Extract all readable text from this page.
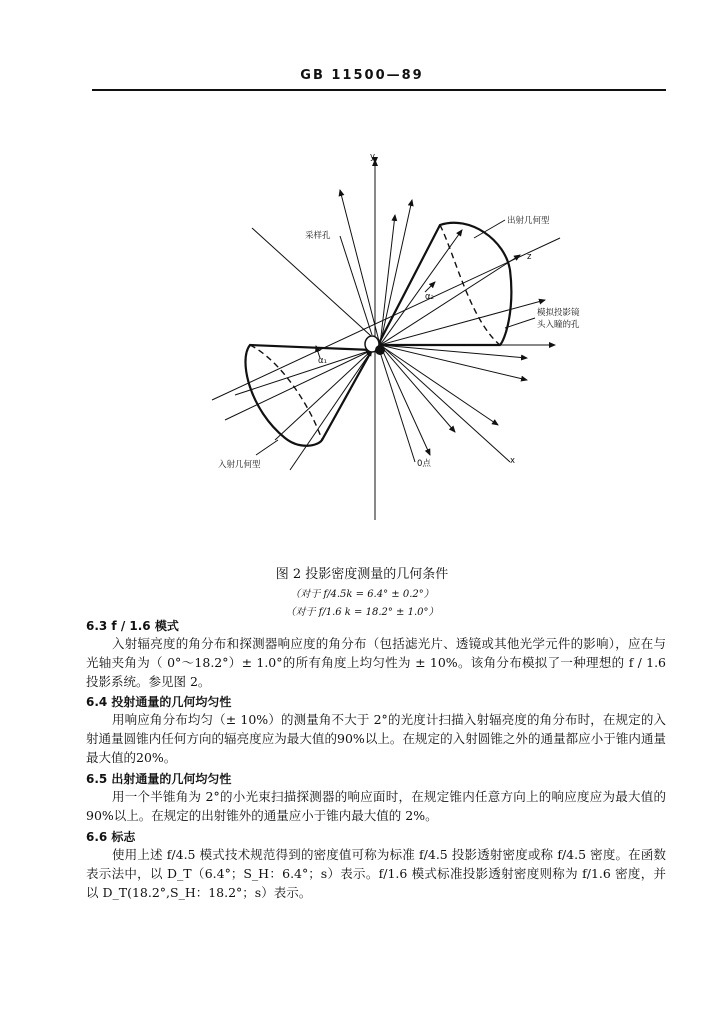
GB 11500—89
y
z
x
采样孔
出射几何型
模拟投影镜
头入瞳的孔
入射几何型	0点
α₂
α₁
图 2 投影密度测量的几何条件
（对于 f/4.5k = 6.4° ± 0.2°）
（对于 f/1.6 k = 18.2° ± 1.0°）
6.3 f / 1.6 模式
入射辐亮度的角分布和探测器响应度的角分布（包括滤光片、透镜或其他光学元件的影响），应在与光轴夹角为（ 0°～18.2°）± 1.0°的所有角度上均匀性为 ± 10%。该角分布模拟了一种理想的 f / 1.6 投影系统。参见图 2。
6.4 投射通量的几何均匀性
用响应角分布均匀（± 10%）的测量角不大于 2°的光度计扫描入射辐亮度的角分布时，在规定的入射通量圆锥内任何方向的辐亮度应为最大值的90%以上。在规定的入射圆锥之外的通量都应小于锥内通量最大值的20%。
6.5 出射通量的几何均匀性
用一个半锥角为 2°的小光束扫描探测器的响应面时，在规定锥内任意方向上的响应度应为最大值的90%以上。在规定的出射锥外的通量应小于锥内最大值的 2%。
6.6 标志
使用上述 f/4.5 模式技术规范得到的密度值可称为标准 f/4.5 投影透射密度或称 f/4.5 密度。在函数表示法中，以 D_T（6.4°；S_H：6.4°；s）表示。f/1.6 模式标准投影透射密度则称为 f/1.6 密度，并以 D_T(18.2°,S_H：18.2°；s）表示。
